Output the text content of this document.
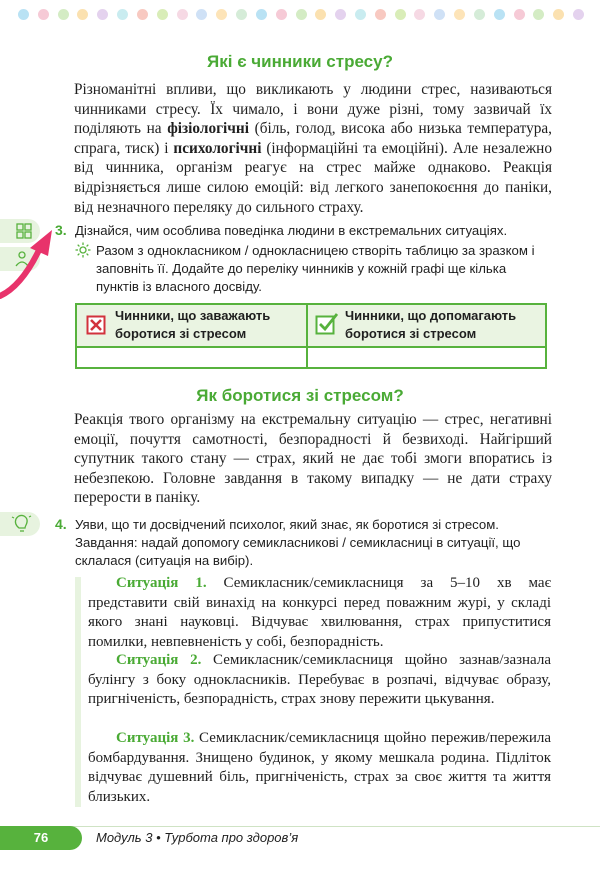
Які є чинники стресу?
Різноманітні впливи, що викликають у людини стрес, називаються чинниками стресу. Їх чимало, і вони дуже різні, тому зазвичай їх поділяють на фізіологічні (біль, голод, висока або низька температура, спрага, тиск) і психологічні (інформаційні та емоційні). Але незалежно від чинника, організм реагує на стрес майже однаково. Реакція відрізняється лише силою емоцій: від легкого занепокоєння до паніки, від незначного переляку до сильного страху.
3. Дізнайся, чим особлива поведінка людини в екстремальних ситуаціях.
Разом з однокласником / однокласницею створіть таблицю за зразком і заповніть її. Додайте до переліку чинників у кожній графі ще кілька пунктів із власного досвіду.
Чинники, що заважають боротися зі стресом
Чинники, що допомагають боротися зі стресом
Як боротися зі стресом?
Реакція твого організму на екстремальну ситуацію — стрес, негативні емоції, почуття самотності, безпорадності й безвиході. Найгірший супутник такого стану — страх, який не дає тобі змоги впоратись із небезпекою. Головне завдання в такому випадку — не дати страху перерости в паніку.
4. Уяви, що ти досвідчений психолог, який знає, як боротися зі стресом. Завдання: надай допомогу семикласникові / семикласниці в ситуації, що склалася (ситуація на вибір).
Ситуація 1. Семикласник/семикласниця за 5–10 хв має представити свій винахід на конкурсі перед поважним журі, у складі якого знані науковці. Відчуває хвилювання, страх припуститися помилки, невпевненість у собі, безпорадність.
Ситуація 2. Семикласник/семикласниця щойно зазнав/зазнала булінгу з боку однокласників. Перебуває в розпачі, відчуває образу, пригніченість, безпорадність, страх знову пережити цькування.
Ситуація 3. Семикласник/семикласниця щойно пережив/пережила бомбардування. Знищено будинок, у якому мешкала родина. Підліток відчуває душевний біль, пригніченість, страх за своє життя та життя близьких.
76	Модуль 3 • Турбота про здоров’я
